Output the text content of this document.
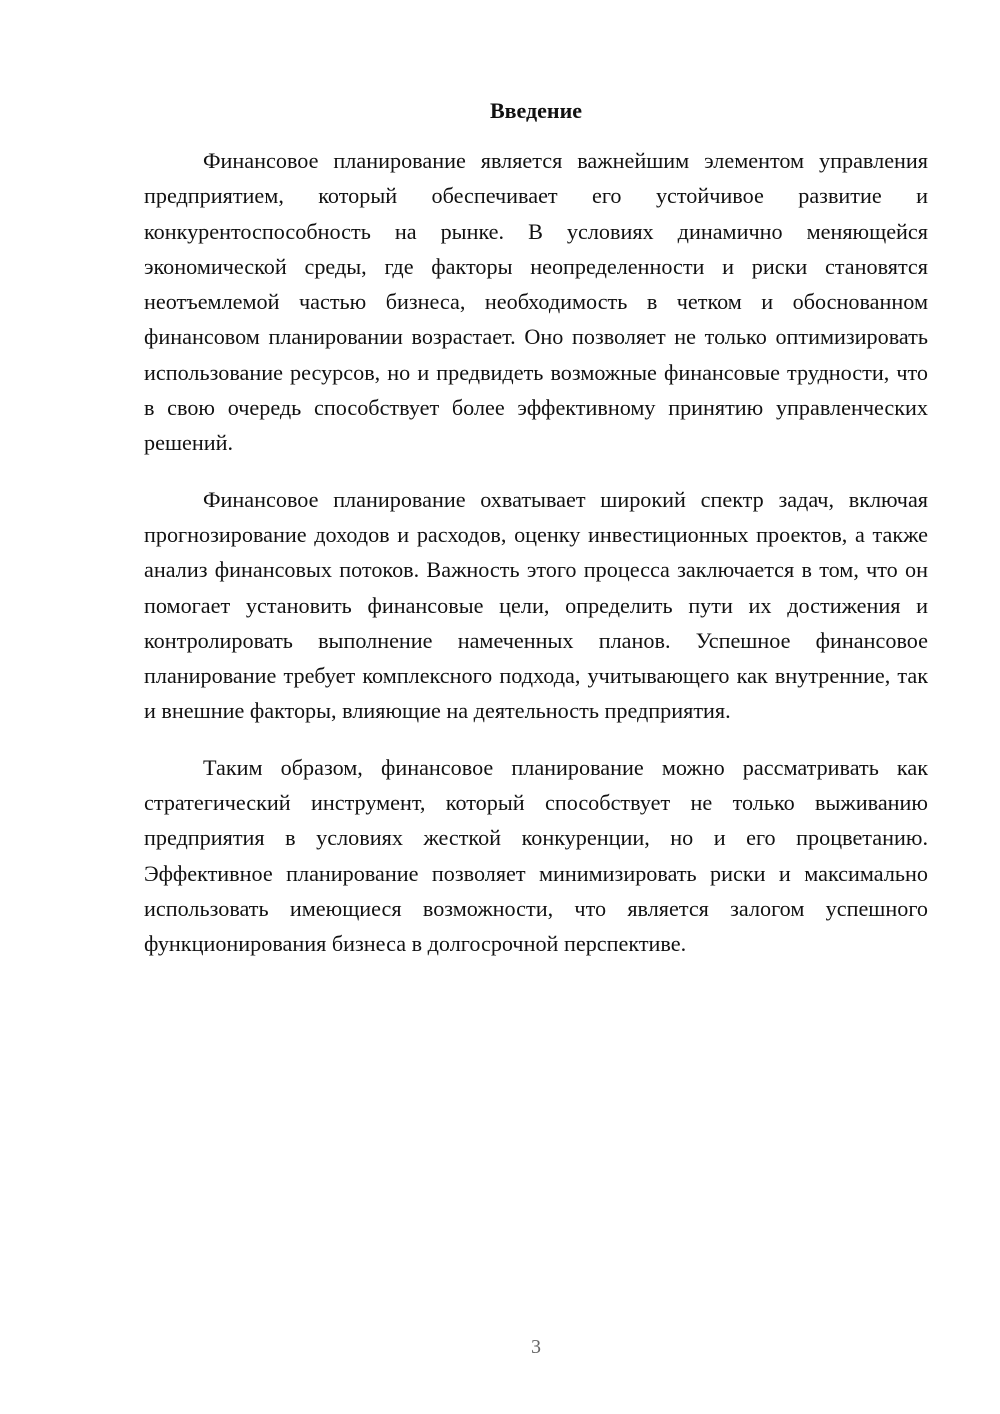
Введение

Финансовое планирование является важнейшим элементом управления предприятием, который обеспечивает его устойчивое развитие и конкурентоспособность на рынке. В условиях динамично меняющейся экономической среды, где факторы неопределенности и риски становятся неотъемлемой частью бизнеса, необходимость в четком и обоснованном финансовом планировании возрастает. Оно позволяет не только оптимизировать использование ресурсов, но и предвидеть возможные финансовые трудности, что в свою очередь способствует более эффективному принятию управленческих решений.

Финансовое планирование охватывает широкий спектр задач, включая прогнозирование доходов и расходов, оценку инвестиционных проектов, а также анализ финансовых потоков. Важность этого процесса заключается в том, что он помогает установить финансовые цели, определить пути их достижения и контролировать выполнение намеченных планов. Успешное финансовое планирование требует комплексного подхода, учитывающего как внутренние, так и внешние факторы, влияющие на деятельность предприятия.

Таким образом, финансовое планирование можно рассматривать как стратегический инструмент, который способствует не только выживанию предприятия в условиях жесткой конкуренции, но и его процветанию. Эффективное планирование позволяет минимизировать риски и максимально использовать имеющиеся возможности, что является залогом успешного функционирования бизнеса в долгосрочной перспективе.

3
